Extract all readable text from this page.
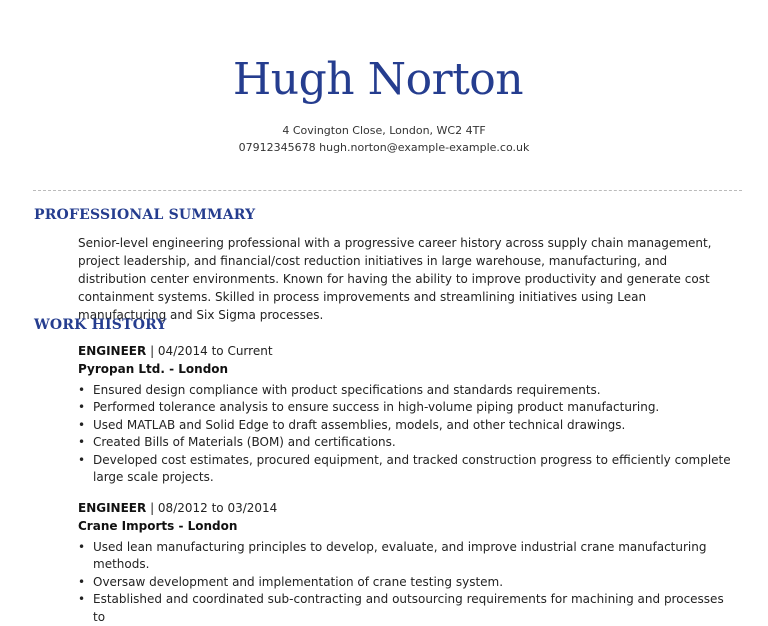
Hugh Norton
4 Covington Close, London, WC2 4TF
07912345678 hugh.norton@example-example.co.uk
PROFESSIONAL SUMMARY

Senior-level engineering professional with a progressive career history across supply chain management, project leadership, and financial/cost reduction initiatives in large warehouse, manufacturing, and distribution center environments. Known for having the ability to improve productivity and generate cost containment systems. Skilled in process improvements and streamlining initiatives using Lean manufacturing and Six Sigma processes.

WORK HISTORY
ENGINEER | 04/2014 to Current
Pyropan Ltd. - London
• Ensured design compliance with product specifications and standards requirements.
• Performed tolerance analysis to ensure success in high-volume piping product manufacturing.
• Used MATLAB and Solid Edge to draft assemblies, models, and other technical drawings.
• Created Bills of Materials (BOM) and certifications.
• Developed cost estimates, procured equipment, and tracked construction progress to efficiently complete large scale projects.
ENGINEER | 08/2012 to 03/2014
Crane Imports - London
• Used lean manufacturing principles to develop, evaluate, and improve industrial crane manufacturing methods.
• Oversaw development and implementation of crane testing system.
• Established and coordinated sub-contracting and outsourcing requirements for machining and processes to
